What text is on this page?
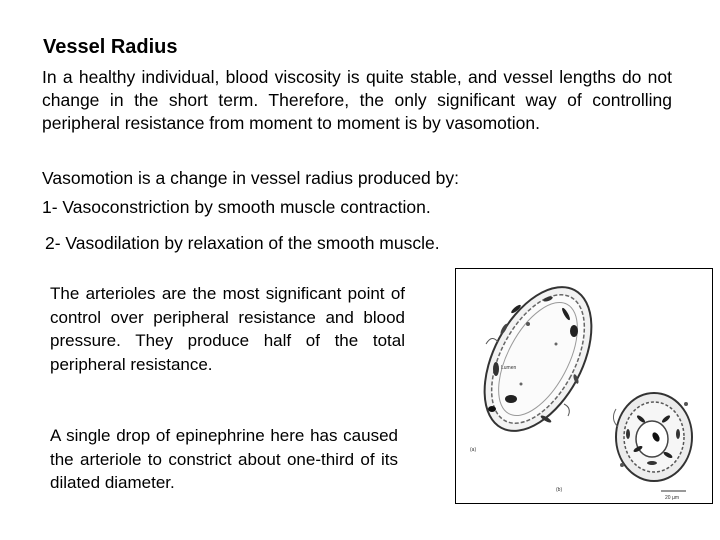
Vessel Radius

In a healthy individual, blood viscosity is quite stable, and vessel lengths do not change in the short term. Therefore, the only significant way of controlling peripheral resistance from moment to moment is by vasomotion.

Vasomotion is a change in vessel radius produced by:

1- Vasoconstriction by smooth muscle contraction.

2- Vasodilation by relaxation of the smooth muscle.

The arterioles are the most significant point of control over peripheral resistance and blood pressure. They produce half of the total peripheral resistance.

A single drop of epinephrine here has caused the arteriole to constrict about one-third of its dilated diameter.

(a)
(b)
Lumen
20 µm
